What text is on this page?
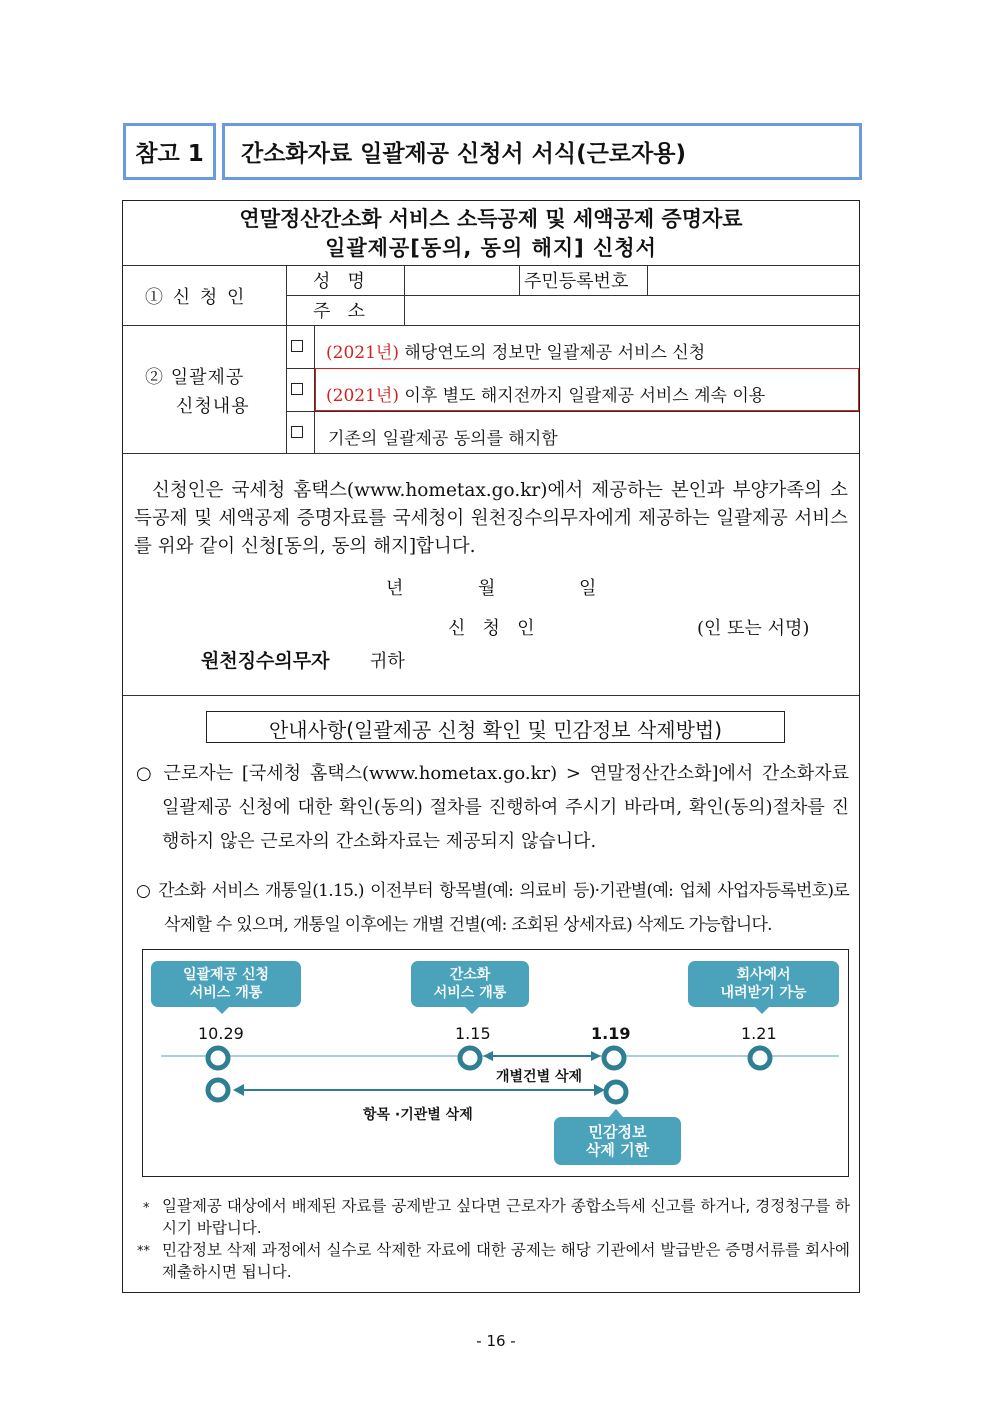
참고 1 간소화자료 일괄제공 신청서 서식(근로자용)
연말정산간소화 서비스 소득공제 및 세액공제 증명자료
일괄제공[동의, 동의 해지] 신청서
① 신 청 인
성   명	주민등록번호
주   소
② 일괄제공
신청내용
(2021년) 해당연도의 정보만 일괄제공 서비스 신청
(2021년) 이후 별도 해지전까지 일괄제공 서비스 계속 이용
기존의 일괄제공 동의를 해지함
신청인은 국세청 홈택스(www.hometax.go.kr)에서 제공하는 본인과 부양가족의 소득공제 및 세액공제 증명자료를 국세청이 원천징수의무자에게 제공하는 일괄제공 서비스를 위와 같이 신청[동의, 동의 해지]합니다.
년	월	일
신   청   인	(인 또는 서명)
원천징수의무자 귀하
안내사항(일괄제공 신청 확인 및 민감정보 삭제방법)
○ 근로자는 [국세청 홈택스(www.hometax.go.kr) > 연말정산간소화]에서 간소화자료 일괄제공 신청에 대한 확인(동의) 절차를 진행하여 주시기 바라며, 확인(동의)절차를 진행하지 않은 근로자의 간소화자료는 제공되지 않습니다.
○ 간소화 서비스 개통일(1.15.) 이전부터 항목별(예: 의료비 등)·기관별(예: 업체 사업자등록번호)로 삭제할 수 있으며, 개통일 이후에는 개별 건별(예: 조회된 상세자료) 삭제도 가능합니다.
일괄제공 신청
서비스 개통
간소화
서비스 개통
회사에서
내려받기 가능
민감정보
삭제 기한
10.29	1.15	1.19	1.21
개별건별 삭제
항목 ·기관별 삭제
* 일괄제공 대상에서 배제된 자료를 공제받고 싶다면 근로자가 종합소득세 신고를 하거나, 경정청구를 하시기 바랍니다.
** 민감정보 삭제 과정에서 실수로 삭제한 자료에 대한 공제는 해당 기관에서 발급받은 증명서류를 회사에 제출하시면 됩니다.
- 16 -
